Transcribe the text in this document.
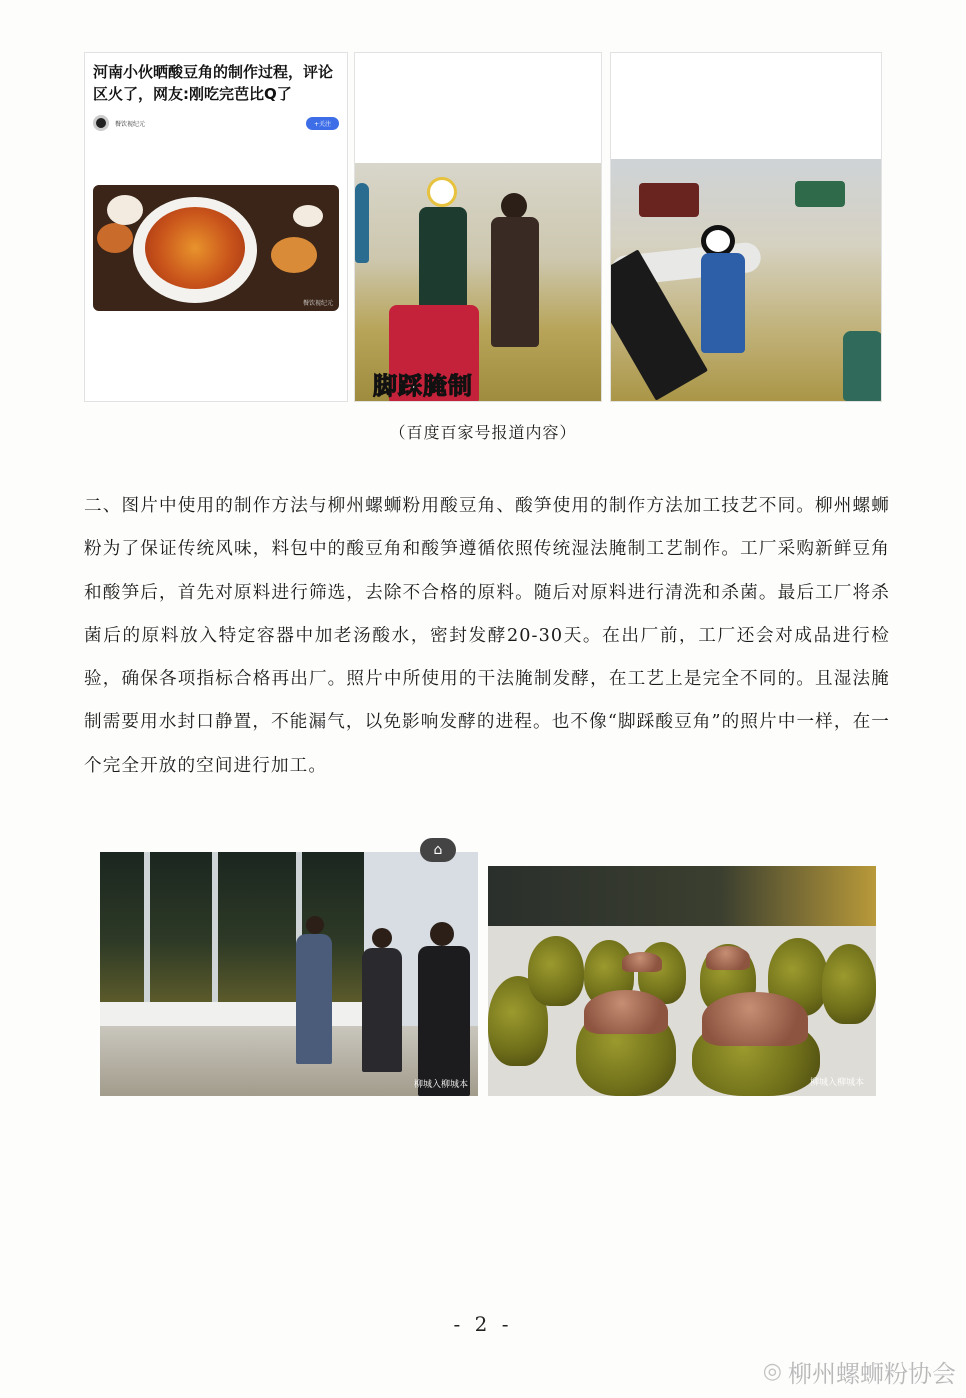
河南小伙晒酸豆角的制作过程，评论区火了，网友:刚吃完芭比Q了
餐饮视纪元	+关注

餐饮视纪元

脚踩腌制
（百度百家号报道内容）
二、图片中使用的制作方法与柳州螺蛳粉用酸豆角、酸笋使用的制作方法加工技艺不同。柳州螺蛳粉为了保证传统风味，料包中的酸豆角和酸笋遵循依照传统湿法腌制工艺制作。工厂采购新鲜豆角和酸笋后，首先对原料进行筛选，去除不合格的原料。随后对原料进行清洗和杀菌。最后工厂将杀菌后的原料放入特定容器中加老汤酸水，密封发酵20-30天。在出厂前，工厂还会对成品进行检验，确保各项指标合格再出厂。照片中所使用的干法腌制发酵，在工艺上是完全不同的。且湿法腌制需要用水封口静置，不能漏气，以免影响发酵的进程。也不像“脚踩酸豆角”的照片中一样，在一个完全开放的空间进行加工。
柳城入柳城本
⌂
柳城入柳城本
- 2 -
◎ 柳州螺蛳粉协会
